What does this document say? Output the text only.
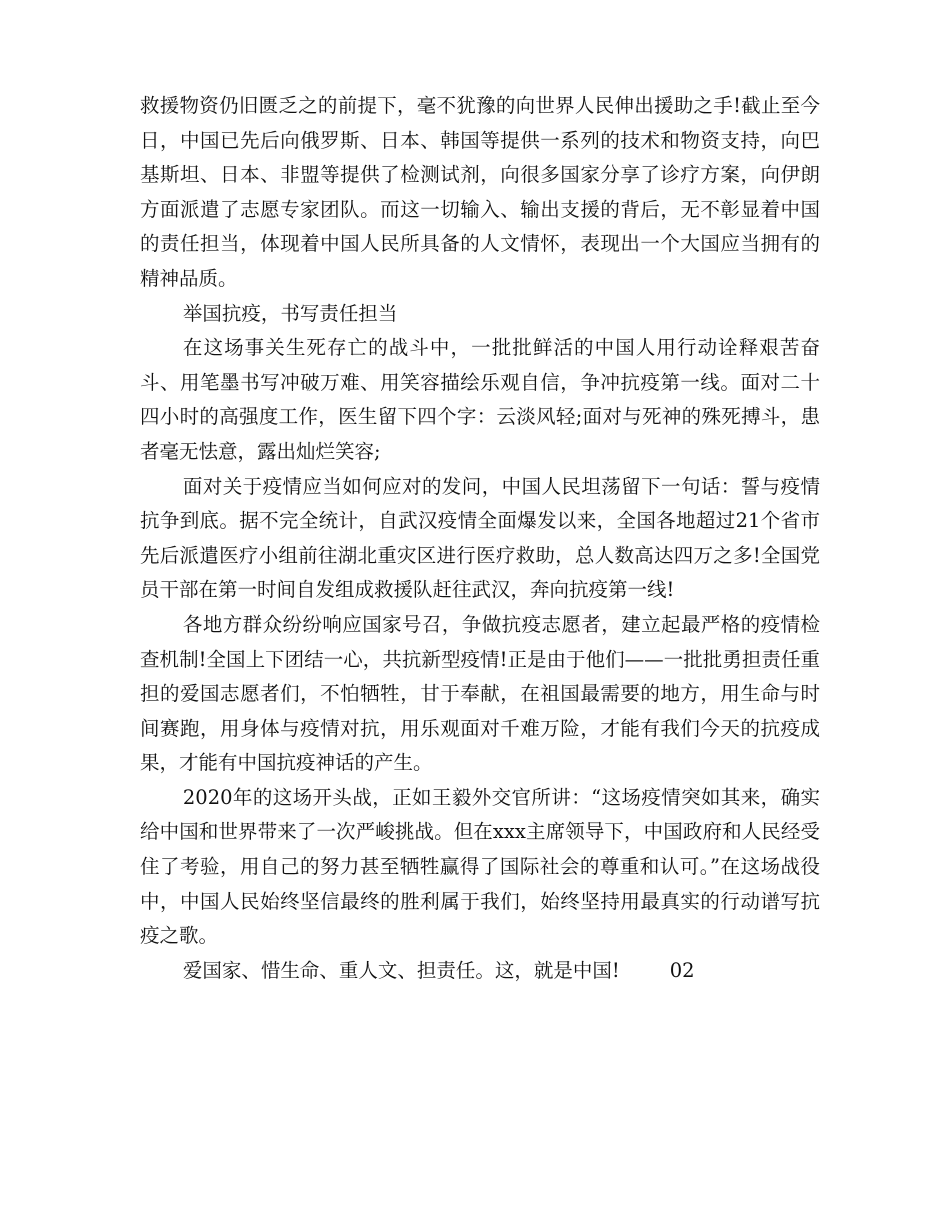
救援物资仍旧匮乏之的前提下，毫不犹豫的向世界人民伸出援助之手!截止至今日，中国已先后向俄罗斯、日本、韩国等提供一系列的技术和物资支持，向巴基斯坦、日本、非盟等提供了检测试剂，向很多国家分享了诊疗方案，向伊朗方面派遣了志愿专家团队。而这一切输入、输出支援的背后，无不彰显着中国的责任担当，体现着中国人民所具备的人文情怀，表现出一个大国应当拥有的精神品质。

举国抗疫，书写责任担当

在这场事关生死存亡的战斗中，一批批鲜活的中国人用行动诠释艰苦奋斗、用笔墨书写冲破万难、用笑容描绘乐观自信，争冲抗疫第一线。面对二十四小时的高强度工作，医生留下四个字：云淡风轻;面对与死神的殊死搏斗，患者毫无怯意，露出灿烂笑容;

面对关于疫情应当如何应对的发问，中国人民坦荡留下一句话：誓与疫情抗争到底。据不完全统计，自武汉疫情全面爆发以来，全国各地超过21个省市先后派遣医疗小组前往湖北重灾区进行医疗救助，总人数高达四万之多!全国党员干部在第一时间自发组成救援队赶往武汉，奔向抗疫第一线!

各地方群众纷纷响应国家号召，争做抗疫志愿者，建立起最严格的疫情检查机制!全国上下团结一心，共抗新型疫情!正是由于他们——一批批勇担责任重担的爱国志愿者们，不怕牺牲，甘于奉献，在祖国最需要的地方，用生命与时间赛跑，用身体与疫情对抗，用乐观面对千难万险，才能有我们今天的抗疫成果，才能有中国抗疫神话的产生。

2020年的这场开头战，正如王毅外交官所讲：“这场疫情突如其来，确实给中国和世界带来了一次严峻挑战。但在xxx主席领导下，中国政府和人民经受住了考验，用自己的努力甚至牺牲赢得了国际社会的尊重和认可。”在这场战役中，中国人民始终坚信最终的胜利属于我们，始终坚持用最真实的行动谱写抗疫之歌。

爱国家、惜生命、重人文、担责任。这，就是中国!	02
